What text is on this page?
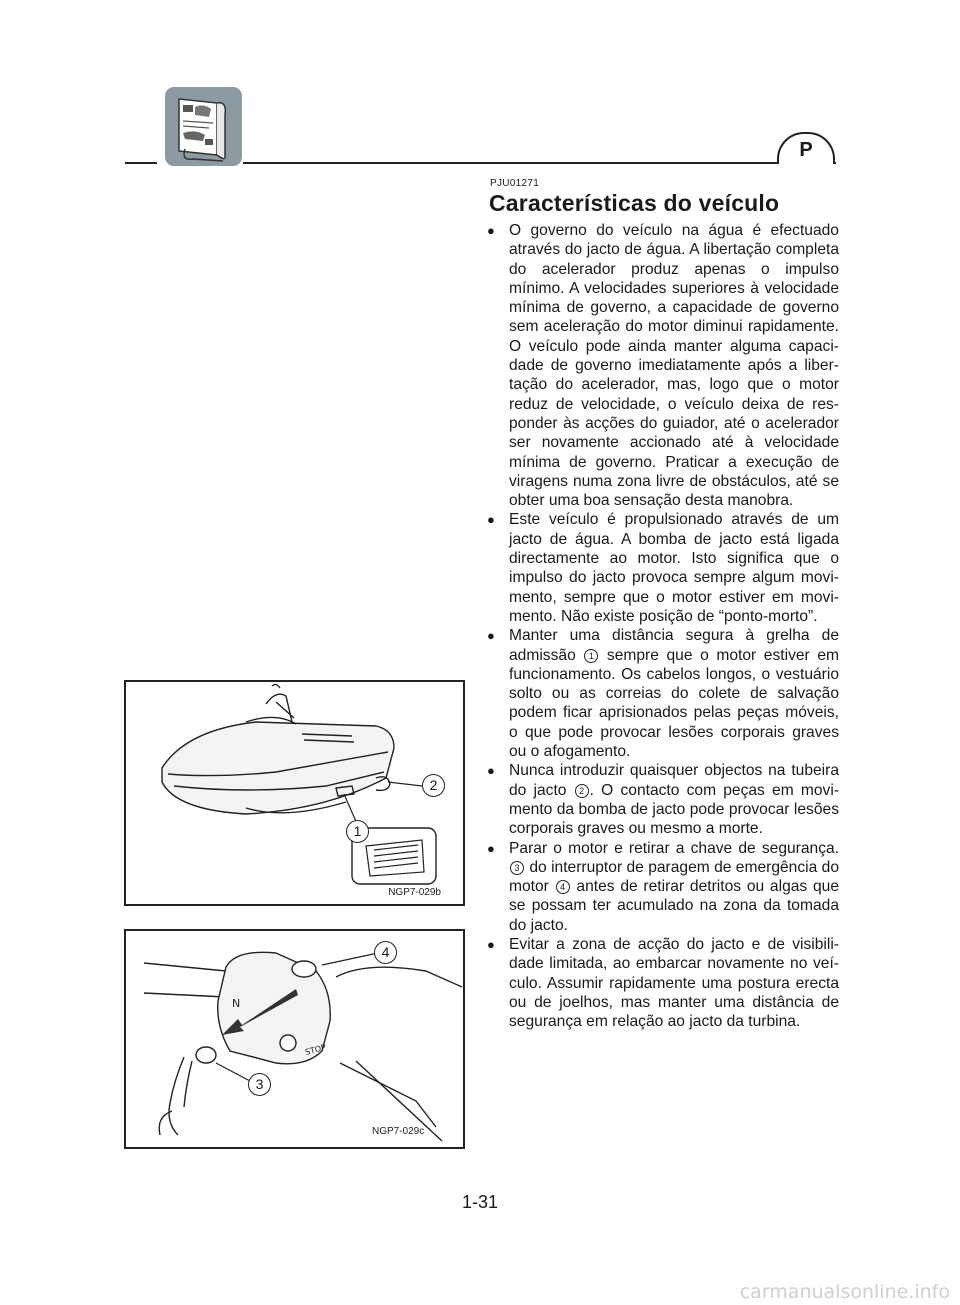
P
PJU01271
Características do veículo
● O governo do veículo na água é efectuado através do jacto de água. A libertação completa do acelerador produz apenas o impulso mínimo. A velocidades superiores à velocidade mínima de governo, a capacidade de governo sem aceleração do motor diminui rapidamente. O veículo pode ainda manter alguma capacidade de governo imediatamente após a libertação do acelerador, mas, logo que o motor reduz de velocidade, o veículo deixa de responder às acções do guiador, até o acelerador ser novamente accionado até à velocidade mínima de governo. Praticar a execução de viragens numa zona livre de obstáculos, até se obter uma boa sensação desta manobra.
● Este veículo é propulsionado através de um jacto de água. A bomba de jacto está ligada directamente ao motor. Isto significa que o impulso do jacto provoca sempre algum movimento, sempre que o motor estiver em movimento. Não existe posição de “ponto-morto”.
● Manter uma distância segura à grelha de admissão 1 sempre que o motor estiver em funcionamento. Os cabelos longos, o vestuário solto ou as correias do colete de salvação podem ficar aprisionados pelas peças móveis, o que pode provocar lesões corporais graves ou o afogamento.
● Nunca introduzir quaisquer objectos na tubeira do jacto 2 . O contacto com peças em movimento da bomba de jacto pode provocar lesões corporais graves ou mesmo a morte.
● Parar o motor e retirar a chave de segurança. 3 do interruptor de paragem de emergência do motor 4 antes de retirar detritos ou algas que se possam ter acumulado na zona da tomada do jacto.
● Evitar a zona de acção do jacto e de visibilidade limitada, ao embarcar novamente no veículo. Assumir rapidamente uma postura erecta ou de joelhos, mas manter uma distância de segurança em relação ao jacto da turbina.
1
2
NGP7-029b
N
STOP
3
4
NGP7-029c
1-31
carmanualsonline.info
